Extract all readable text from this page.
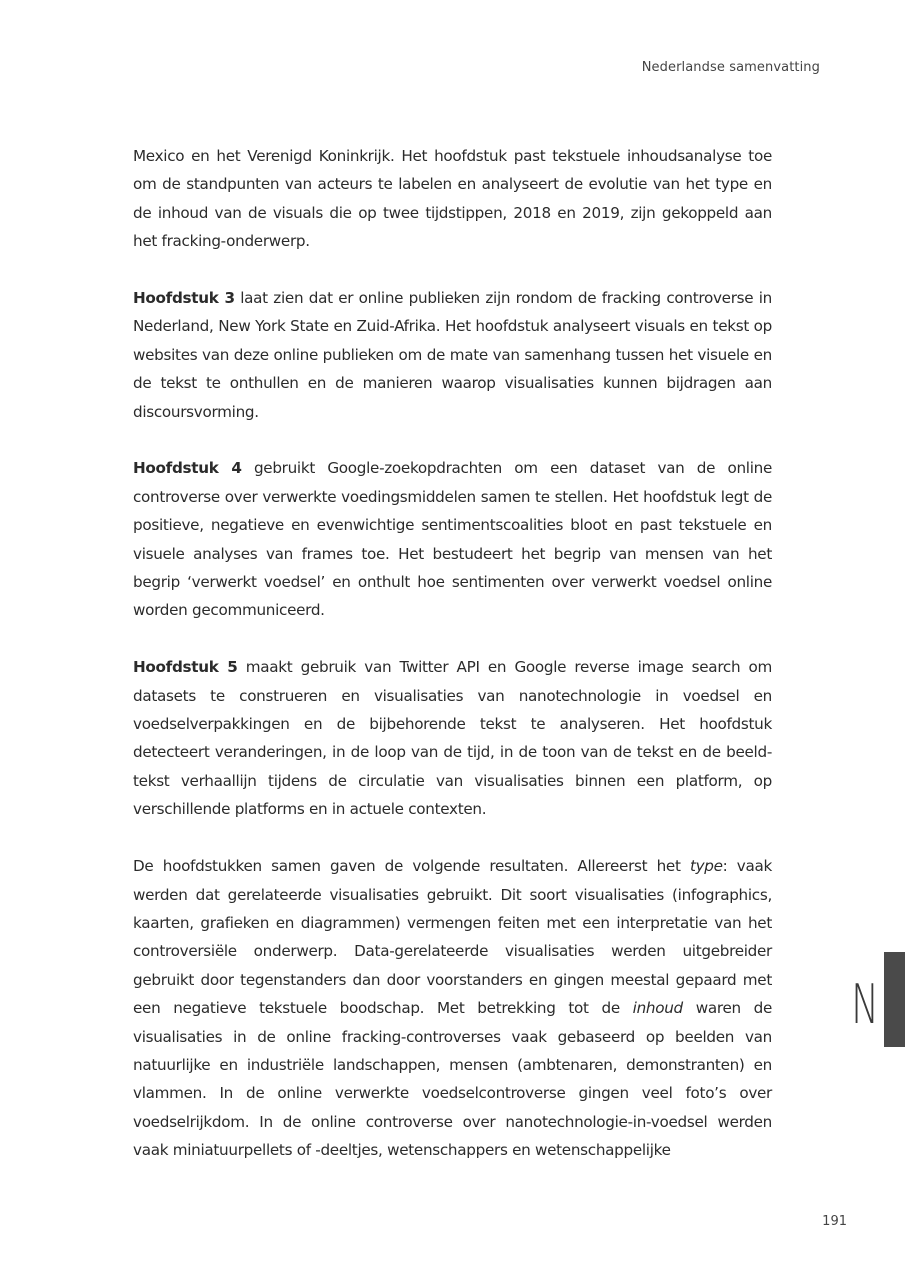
Nederlandse samenvatting

Mexico en het Verenigd Koninkrijk. Het hoofdstuk past tekstuele inhoudsanalyse toe om de standpunten van acteurs te labelen en analyseert de evolutie van het type en de inhoud van de visuals die op twee tijdstippen, 2018 en 2019, zijn gekoppeld aan het fracking-onderwerp.

Hoofdstuk 3 laat zien dat er online publieken zijn rondom de fracking controverse in Nederland, New York State en Zuid-Afrika. Het hoofdstuk analyseert visuals en tekst op websites van deze online publieken om de mate van samenhang tussen het visuele en de tekst te onthullen en de manieren waarop visualisaties kunnen bijdragen aan discoursvorming.

Hoofdstuk 4 gebruikt Google-zoekopdrachten om een dataset van de online controverse over verwerkte voedingsmiddelen samen te stellen. Het hoofdstuk legt de positieve, negatieve en evenwichtige sentimentscoalities bloot en past tekstuele en visuele analyses van frames toe. Het bestudeert het begrip van mensen van het begrip ‘verwerkt voedsel’ en onthult hoe sentimenten over verwerkt voedsel online worden gecommuniceerd.

Hoofdstuk 5 maakt gebruik van Twitter API en Google reverse image search om datasets te construeren en visualisaties van nanotechnologie in voedsel en voedselverpakkingen en de bijbehorende tekst te analyseren. Het hoofdstuk detecteert veranderingen, in de loop van de tijd, in de toon van de tekst en de beeld-tekst verhaallijn tijdens de circulatie van visualisaties binnen een platform, op verschillende platforms en in actuele contexten.

De hoofdstukken samen gaven de volgende resultaten. Allereerst het type: vaak werden dat gerelateerde visualisaties gebruikt. Dit soort visualisaties (infographics, kaarten, grafieken en diagrammen) vermengen feiten met een interpretatie van het controversiële onderwerp. Data-gerelateerde visualisaties werden uitgebreider gebruikt door tegenstanders dan door voorstanders en gingen meestal gepaard met een negatieve tekstuele boodschap. Met betrekking tot de inhoud waren de visualisaties in de online fracking-controverses vaak gebaseerd op beelden van natuurlijke en industriële landschappen, mensen (ambtenaren, demonstranten) en vlammen. In de online verwerkte voedselcontroverse gingen veel foto’s over voedselrijkdom. In de online controverse over nanotechnologie-in-voedsel werden vaak miniatuurpellets of -deeltjes, wetenschappers en wetenschappelijke

N
191
